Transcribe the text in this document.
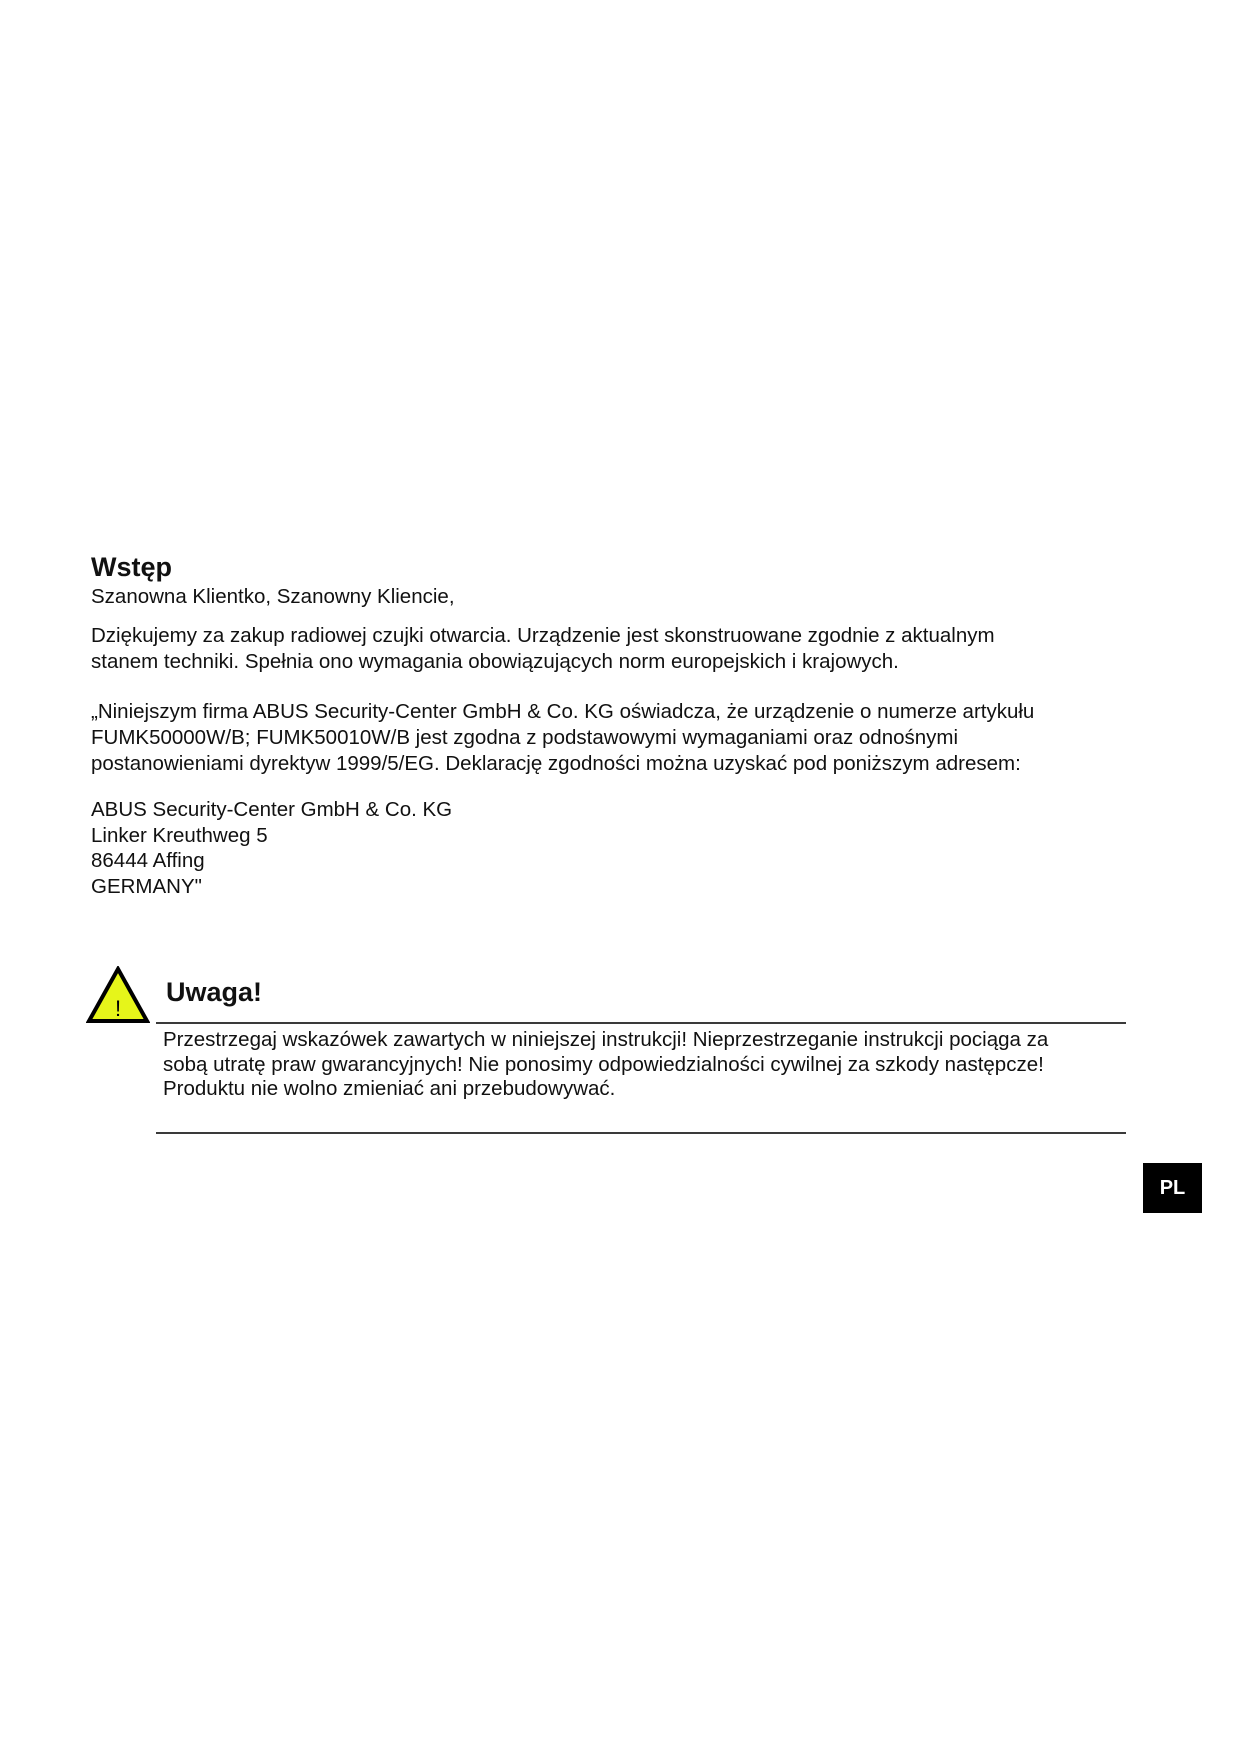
Wstęp

Szanowna Klientko, Szanowny Kliencie,

Dziękujemy za zakup radiowej czujki otwarcia. Urządzenie jest skonstruowane zgodnie z aktualnym
stanem techniki. Spełnia ono wymagania obowiązujących norm europejskich i krajowych.

„Niniejszym firma ABUS Security-Center GmbH & Co. KG oświadcza, że urządzenie o numerze artykułu
FUMK50000W/B; FUMK50010W/B jest zgodna z podstawowymi wymaganiami oraz odnośnymi
postanowieniami dyrektyw 1999/5/EG. Deklarację zgodności można uzyskać pod poniższym adresem:

ABUS Security-Center GmbH & Co. KG
Linker Kreuthweg 5
86444 Affing
GERMANY"

!
Uwaga!

Przestrzegaj wskazówek zawartych w niniejszej instrukcji! Nieprzestrzeganie instrukcji pociąga za
sobą utratę praw gwarancyjnych! Nie ponosimy odpowiedzialności cywilnej za szkody następcze!
Produktu nie wolno zmieniać ani przebudowywać.

PL
